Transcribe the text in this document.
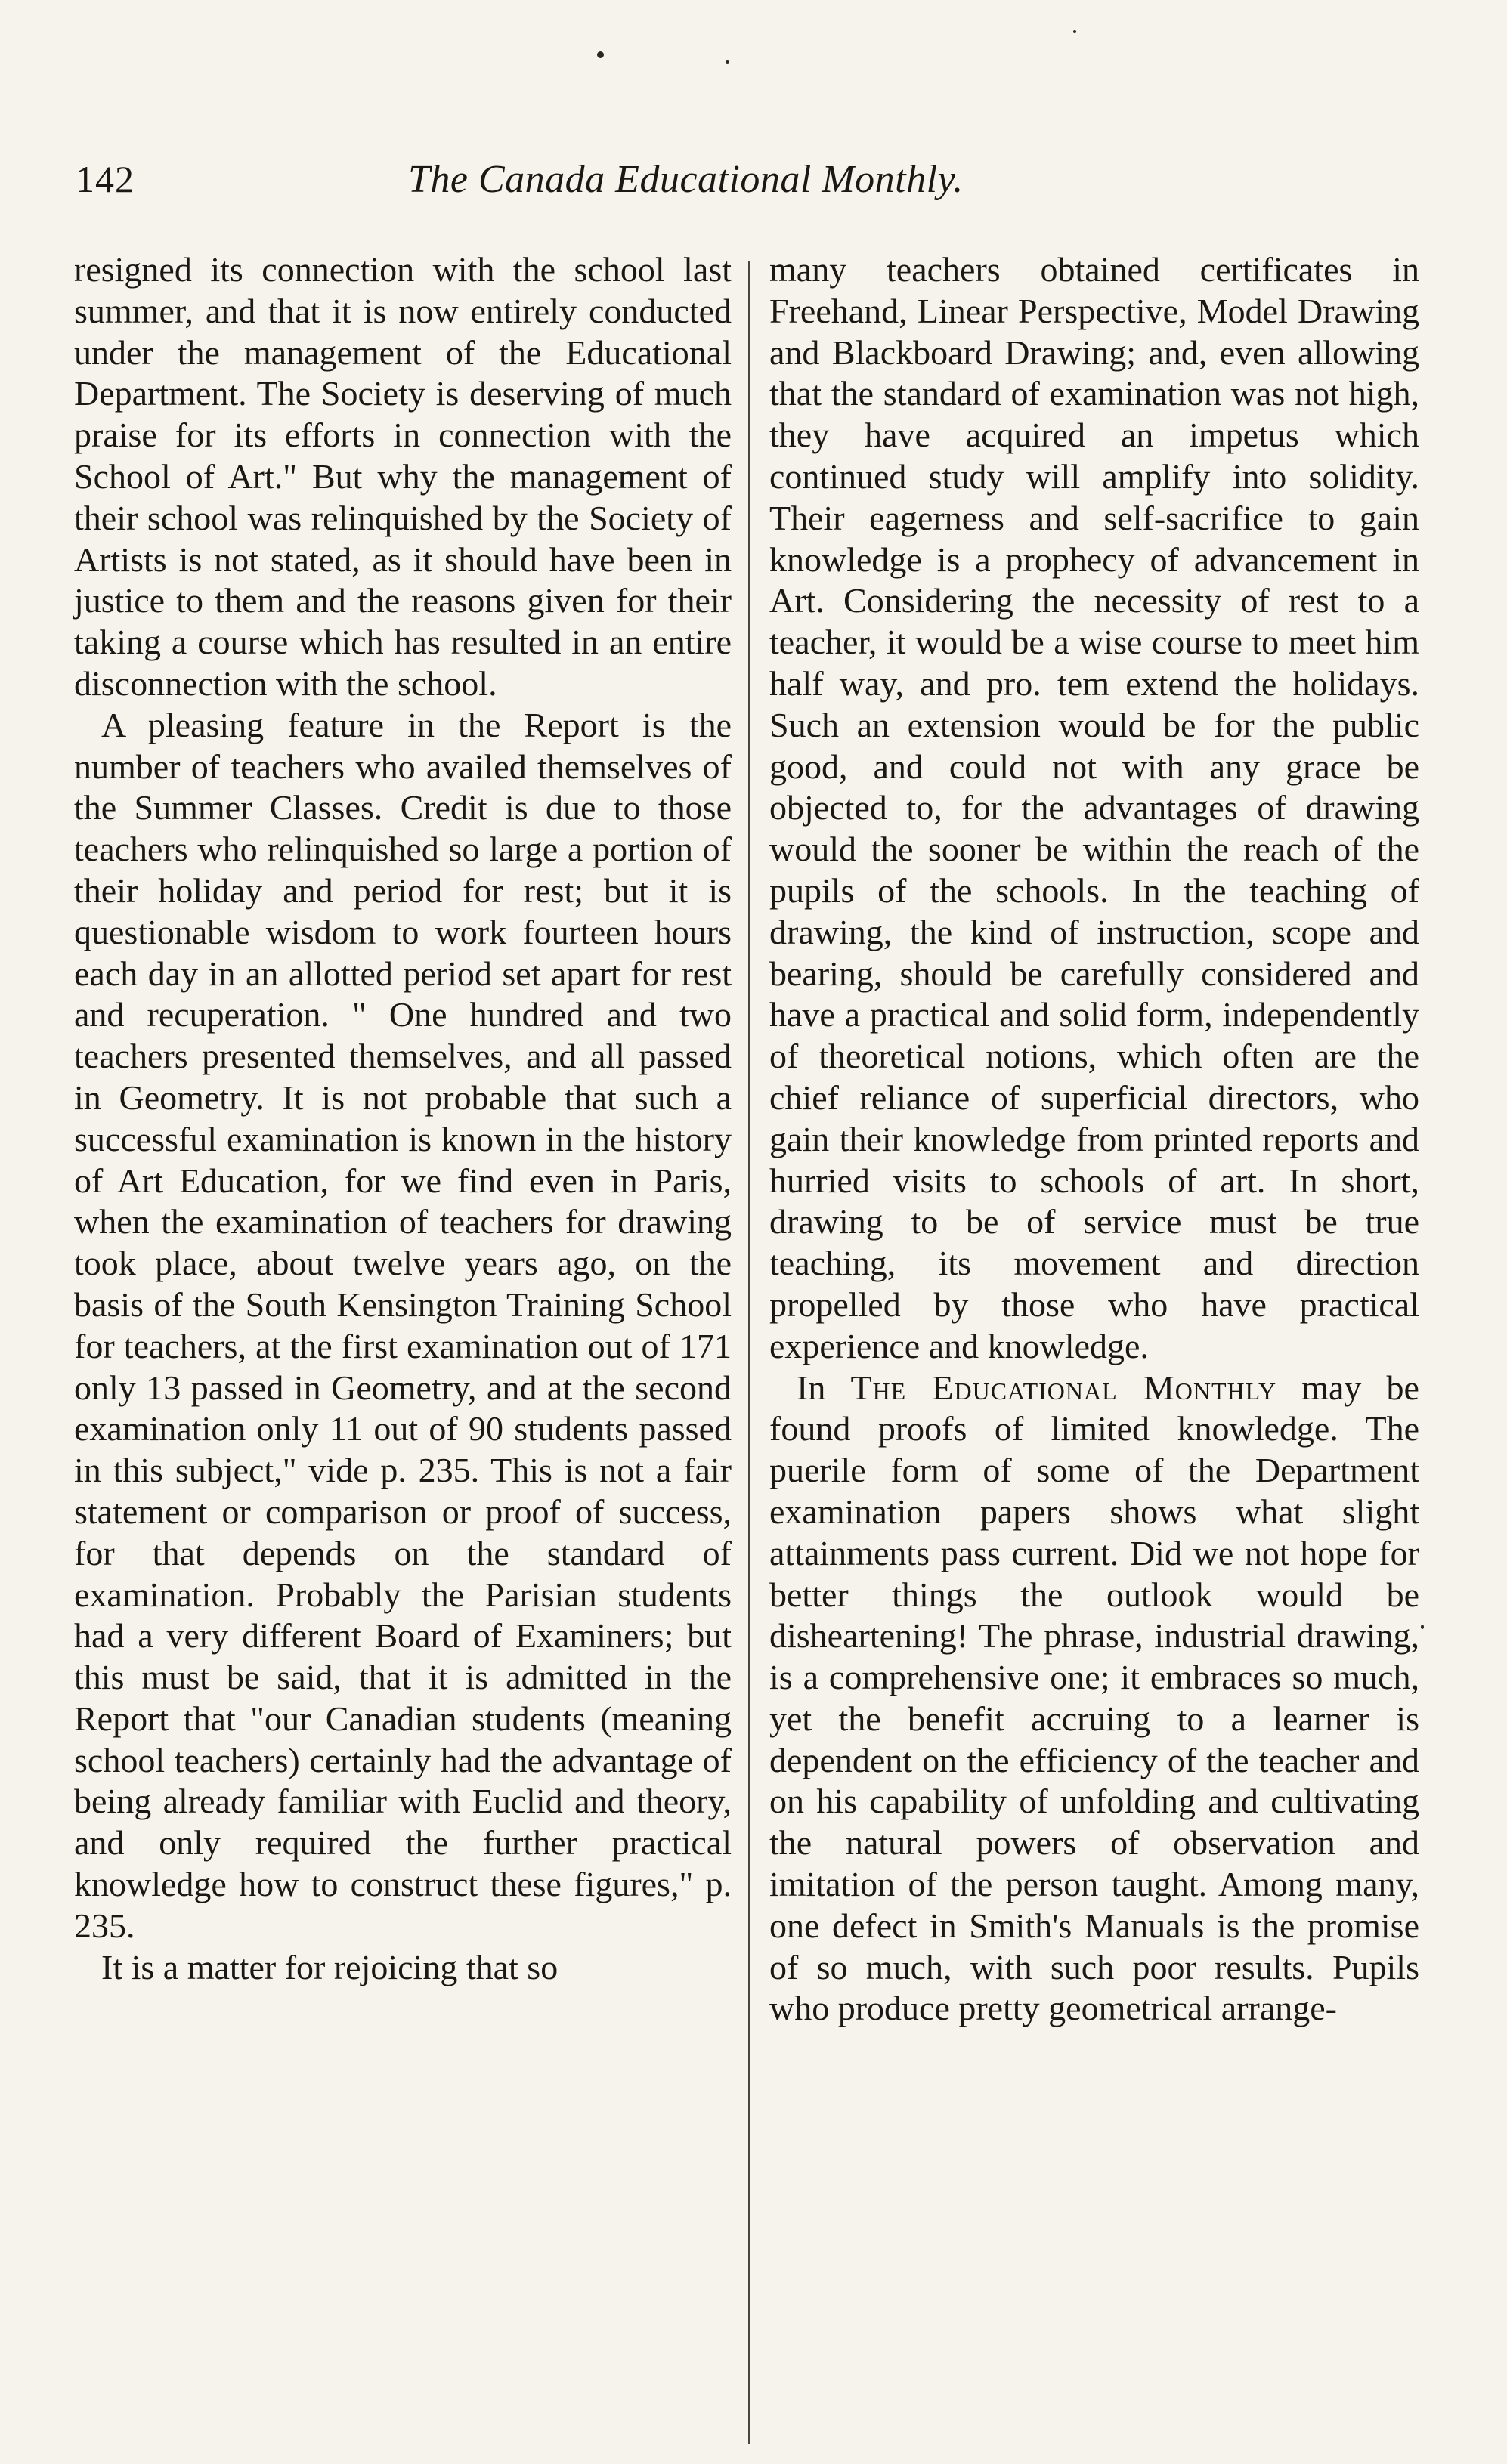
142	The Canada Educational Monthly.

resigned its connection with the school last summer, and that it is now entirely conducted under the management of the Educational Department. The Society is deserving of much praise for its efforts in connection with the School of Art." But why the management of their school was relinquished by the Society of Artists is not stated, as it should have been in justice to them and the reasons given for their taking a course which has resulted in an entire disconnection with the school.

A pleasing feature in the Report is the number of teachers who availed themselves of the Summer Classes. Credit is due to those teachers who relinquished so large a portion of their holiday and period for rest; but it is questionable wisdom to work fourteen hours each day in an allotted period set apart for rest and recuperation. " One hundred and two teachers presented themselves, and all passed in Geometry. It is not probable that such a successful examination is known in the history of Art Education, for we find even in Paris, when the examination of teachers for drawing took place, about twelve years ago, on the basis of the South Kensington Training School for teachers, at the first examination out of 171 only 13 passed in Geometry, and at the second examination only 11 out of 90 students passed in this subject," vide p. 235. This is not a fair statement or comparison or proof of success, for that depends on the standard of examination. Probably the Parisian students had a very different Board of Examiners; but this must be said, that it is admitted in the Report that "our Canadian students (meaning school teachers) certainly had the advantage of being already familiar with Euclid and theory, and only required the further practical knowledge how to construct these figures," p. 235.

It is a matter for rejoicing that so

many teachers obtained certificates in Freehand, Linear Perspective, Model Drawing and Blackboard Drawing; and, even allowing that the standard of examination was not high, they have acquired an impetus which continued study will amplify into solidity. Their eagerness and self-sacrifice to gain knowledge is a prophecy of advancement in Art. Considering the necessity of rest to a teacher, it would be a wise course to meet him half way, and pro. tem extend the holidays. Such an extension would be for the public good, and could not with any grace be objected to, for the advantages of drawing would the sooner be within the reach of the pupils of the schools. In the teaching of drawing, the kind of instruction, scope and bearing, should be carefully considered and have a practical and solid form, independently of theoretical notions, which often are the chief reliance of superficial directors, who gain their knowledge from printed reports and hurried visits to schools of art. In short, drawing to be of service must be true teaching, its movement and direction propelled by those who have practical experience and knowledge.

In The Educational Monthly may be found proofs of limited knowledge. The puerile form of some of the Department examination papers shows what slight attainments pass current. Did we not hope for better things the outlook would be disheartening! The phrase, industrial drawing, is a comprehensive one; it embraces so much, yet the benefit accruing to a learner is dependent on the efficiency of the teacher and on his capability of unfolding and cultivating the natural powers of observation and imitation of the person taught. Among many, one defect in Smith's Manuals is the promise of so much, with such poor results. Pupils who produce pretty geometrical arrange-
